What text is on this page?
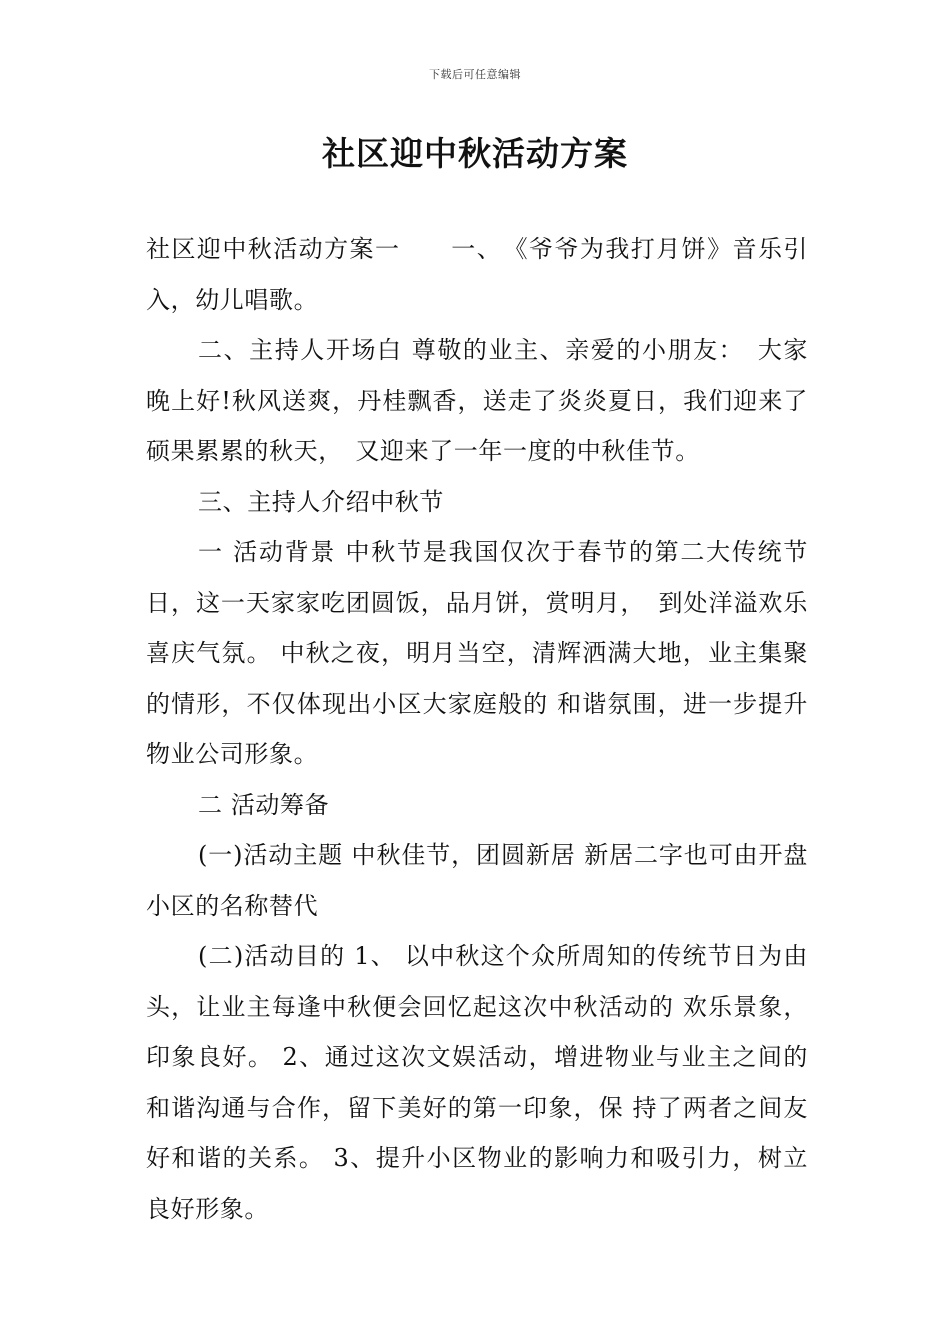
下载后可任意编辑
社区迎中秋活动方案

社区迎中秋活动方案一　　一、　《爷爷为我打月饼》音乐引入，幼儿唱歌。

二、主持人开场白 尊敬的业主、亲爱的小朋友：　大家晚上好!秋风送爽，丹桂飘香，送走了炎炎夏日，我们迎来了硕果累累的秋天，　又迎来了一年一度的中秋佳节。

三、主持人介绍中秋节

一 活动背景 中秋节是我国仅次于春节的第二大传统节日，这一天家家吃团圆饭，品月饼，赏明月，　到处洋溢欢乐喜庆气氛。 中秋之夜，明月当空，清辉洒满大地，业主集聚的情形，不仅体现出小区大家庭般的 和谐氛围，进一步提升物业公司形象。

二 活动筹备

(一)活动主题 中秋佳节，团圆新居 新居二字也可由开盘小区的名称替代

(二)活动目的 1、 以中秋这个众所周知的传统节日为由头，让业主每逢中秋便会回忆起这次中秋活动的 欢乐景象，印象良好。 2、通过这次文娱活动，增进物业与业主之间的和谐沟通与合作，留下美好的第一印象，保 持了两者之间友好和谐的关系。 3、提升小区物业的影响力和吸引力，树立良好形象。
